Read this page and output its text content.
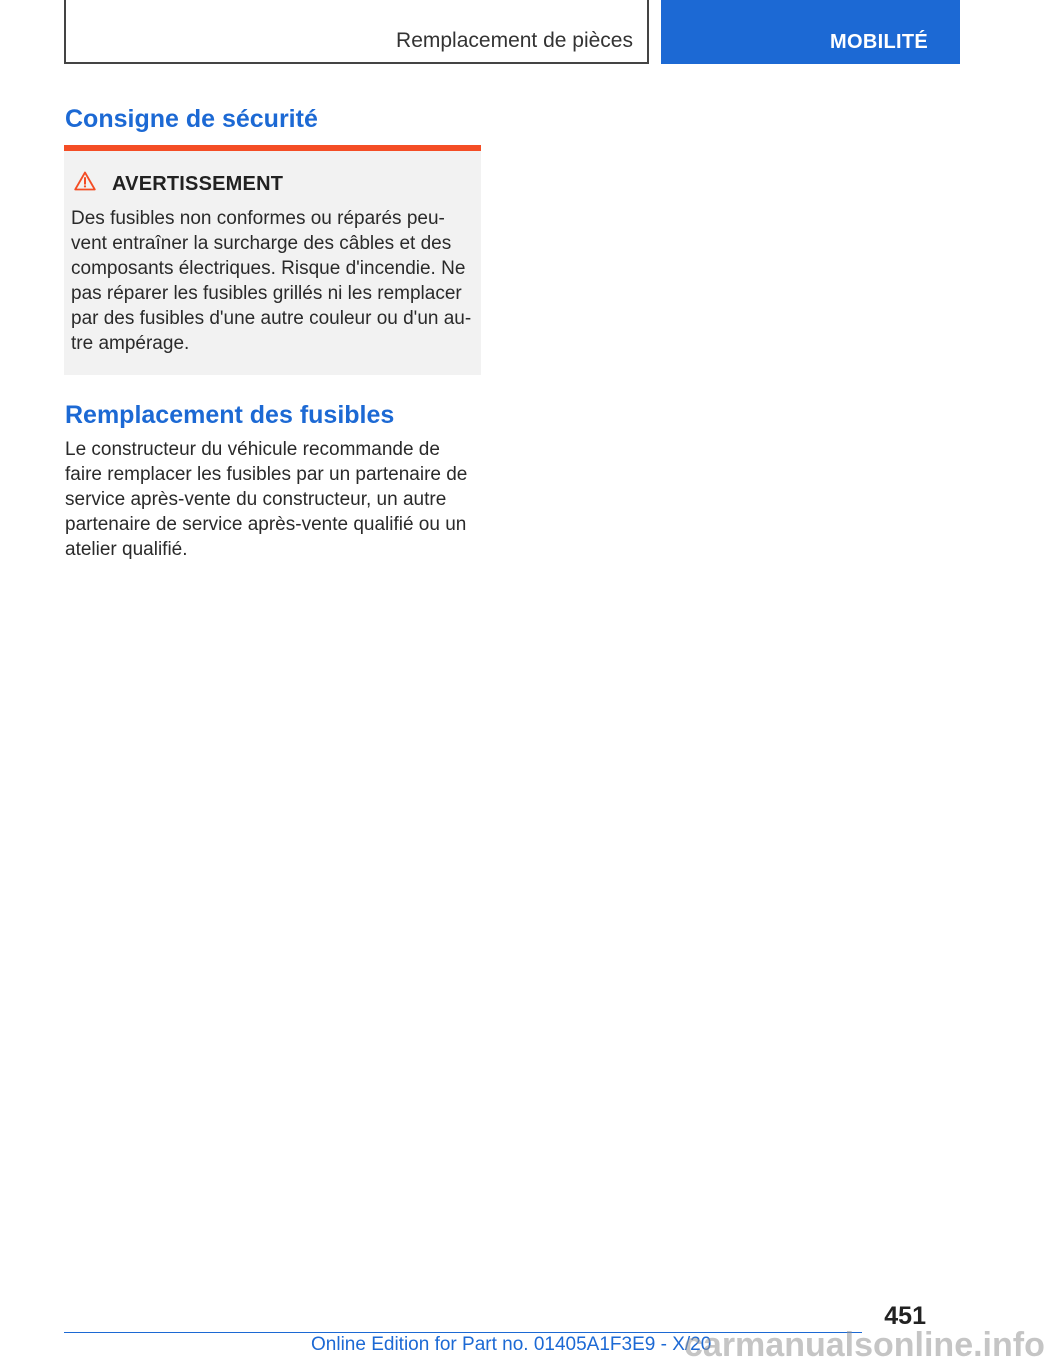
Remplacement de pièces	MOBILITÉ
Consigne de sécurité
AVERTISSEMENT

Des fusibles non conformes ou réparés peu-
vent entraîner la surcharge des câbles et des
composants électriques. Risque d'incendie. Ne
pas réparer les fusibles grillés ni les remplacer
par des fusibles d'une autre couleur ou d'un au-
tre ampérage.

Remplacement des fusibles

Le constructeur du véhicule recommande de
faire remplacer les fusibles par un partenaire de
service après-vente du constructeur, un autre
partenaire de service après-vente qualifié ou un
atelier qualifié.

451
Online Edition for Part no. 01405A1F3E9 - X/20
carmanualsonline.info
